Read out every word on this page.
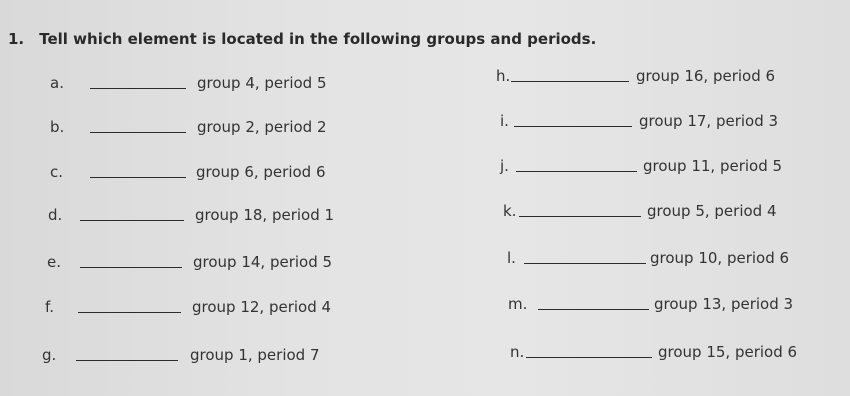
1. Tell which element is located in the following groups and periods.
a.	group 4, period 5
b.	group 2, period 2
c.	group 6, period 6
d.	group 18, period 1
e.	group 14, period 5
f.	group 12, period 4
g.	group 1, period 7
h.	group 16, period 6
i.	group 17, period 3
j.	group 11, period 5
k.	group 5, period 4
l.	group 10, period 6
m.	group 13, period 3
n.	group 15, period 6
